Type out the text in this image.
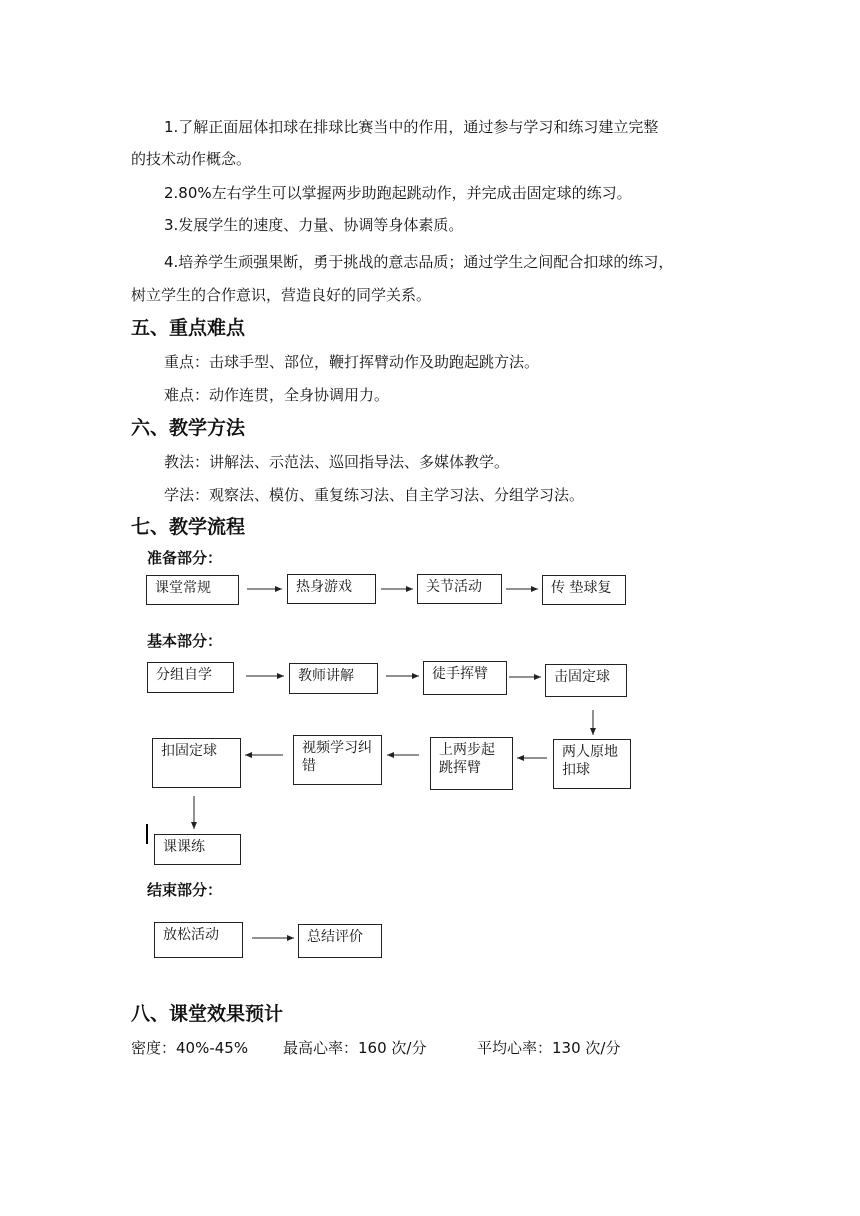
1.了解正面屈体扣球在排球比赛当中的作用，通过参与学习和练习建立完整
的技术动作概念。
2.80%左右学生可以掌握两步助跑起跳动作，并完成击固定球的练习。
3.发展学生的速度、力量、协调等身体素质。
4.培养学生顽强果断，勇于挑战的意志品质；通过学生之间配合扣球的练习，
树立学生的合作意识，营造良好的同学关系。
五、重点难点
重点：击球手型、部位，鞭打挥臂动作及助跑起跳方法。
难点：动作连贯，全身协调用力。
六、教学方法
教法：讲解法、示范法、巡回指导法、多媒体教学。
学法：观察法、模仿、重复练习法、自主学习法、分组学习法。
七、教学流程
准备部分：
课堂常规	热身游戏	关节活动	传 垫球复
基本部分：
分组自学	教师讲解	徒手挥臂	击固定球
两人原地扣球
上两步起跳挥臂
视频学习纠错
扣固定球
课课练
结束部分：
放松活动	总结评价
八、课堂效果预计
密度：40%-45% 最高心率：160 次/分	平均心率：130 次/分
